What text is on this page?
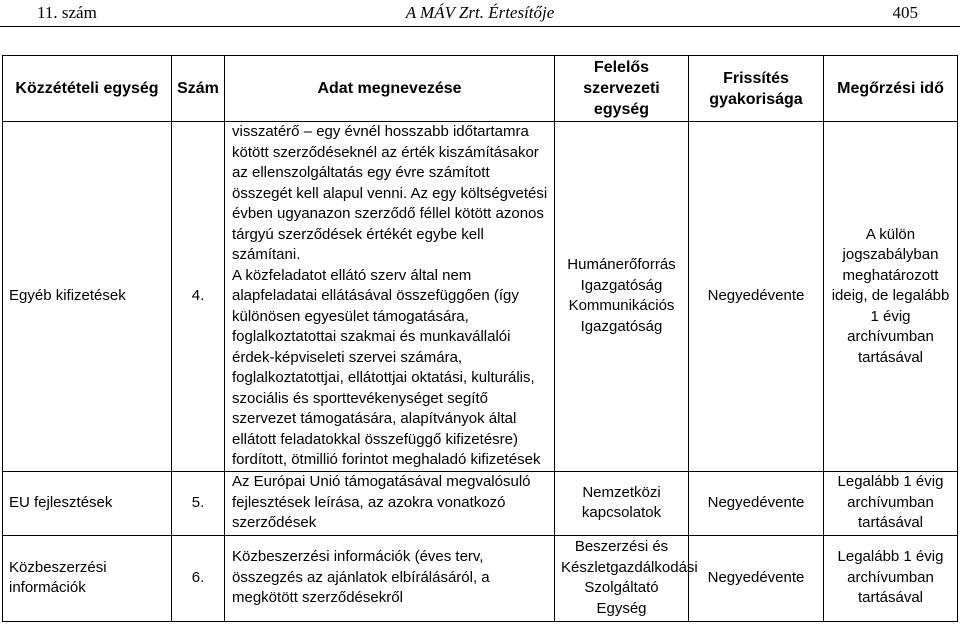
A MÁV Zrt. Értesítője
11. szám	405
Közzétételi egység	Szám	Adat megnevezése	Felelős szervezeti egység	Frissítés gyakorisága	Megőrzési idő
Egyéb kifizetések	4.	visszatérő – egy évnél hosszabb időtartamra kötött szerződéseknél az érték kiszámításakor az ellenszolgáltatás egy évre számított összegét kell alapul venni. Az egy költségvetési évben ugyanazon szerződő féllel kötött azonos tárgyú szerződések értékét egybe kell számítani.
A közfeladatot ellátó szerv által nem alapfeladatai ellátásával összefüggően (így különösen egyesület támogatására, foglalkoztatottai szakmai és munkavállalói érdek-képviseleti szervei számára, foglalkoztatottjai, ellátottjai oktatási, kulturális, szociális és sporttevékenységet segítő szervezet támogatására, alapítványok által ellátott feladatokkal összefüggő kifizetésre) fordított, ötmillió forintot meghaladó kifizetések	Humánerőforrás Igazgatóság Kommunikációs Igazgatóság	Negyedévente	A külön jogszabályban meghatározott ideig, de legalább 1 évig archívumban tartásával
EU fejlesztések	5.	Az Európai Unió támogatásával megvalósuló fejlesztések leírása, az azokra vonatkozó szerződések	Nemzetközi kapcsolatok	Negyedévente	Legalább 1 évig archívumban tartásával
Közbeszerzési információk	6.	Közbeszerzési információk (éves terv, összegzés az ajánlatok elbírálásáról, a megkötött szerződésekről	Beszerzési és Készletgazdálkodási Szolgáltató Egység	Negyedévente	Legalább 1 évig archívumban tartásával
